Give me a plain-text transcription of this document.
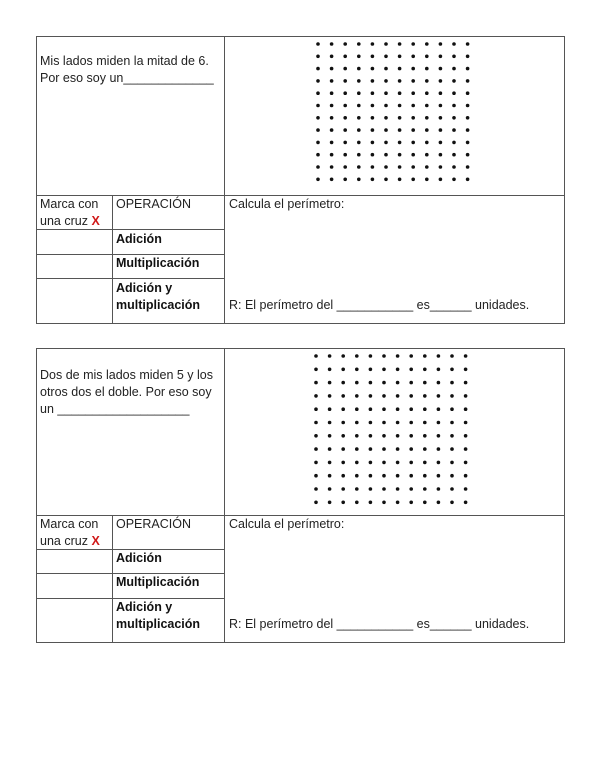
Mis lados miden la mitad de 6.
Por eso soy un_____________
Marca con
una cruz X
OPERACIÓN
Adición
Multiplicación
Adición y
multiplicación
Calcula el perímetro:
R: El perímetro del ___________ es______ unidades.
Dos de mis lados miden 5 y los
otros dos el doble. Por eso soy
un ___________________
Marca con
una cruz X
OPERACIÓN
Adición
Multiplicación
Adición y
multiplicación
Calcula el perímetro:
R: El perímetro del ___________ es______ unidades.
